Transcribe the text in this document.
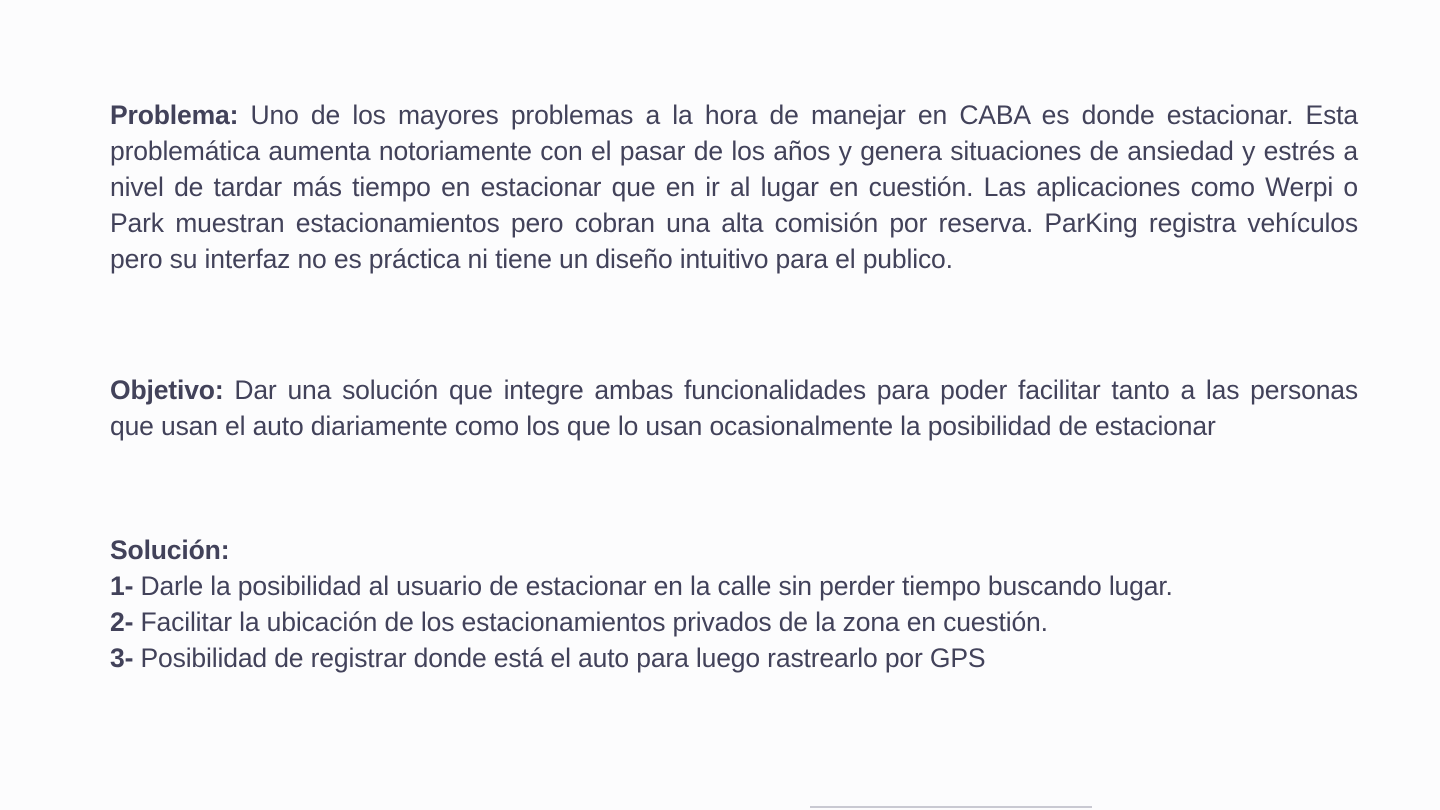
Problema: Uno de los mayores problemas a la hora de manejar en CABA es donde estacionar. Esta problemática aumenta notoriamente con el pasar de los años y genera situaciones de ansiedad y estrés a nivel de tardar más tiempo en estacionar que en ir al lugar en cuestión. Las aplicaciones como Werpi o Park muestran estacionamientos pero cobran una alta comisión por reserva. ParKing registra vehículos pero su interfaz no es práctica ni tiene un diseño intuitivo para el publico.

Objetivo: Dar una solución que integre ambas funcionalidades para poder facilitar tanto a las personas que usan el auto diariamente como los que lo usan ocasionalmente la posibilidad de estacionar

Solución:
1- Darle la posibilidad al usuario de estacionar en la calle sin perder tiempo buscando lugar.
2- Facilitar la ubicación de los estacionamientos privados de la zona en cuestión.
3- Posibilidad de registrar donde está el auto para luego rastrearlo por GPS
